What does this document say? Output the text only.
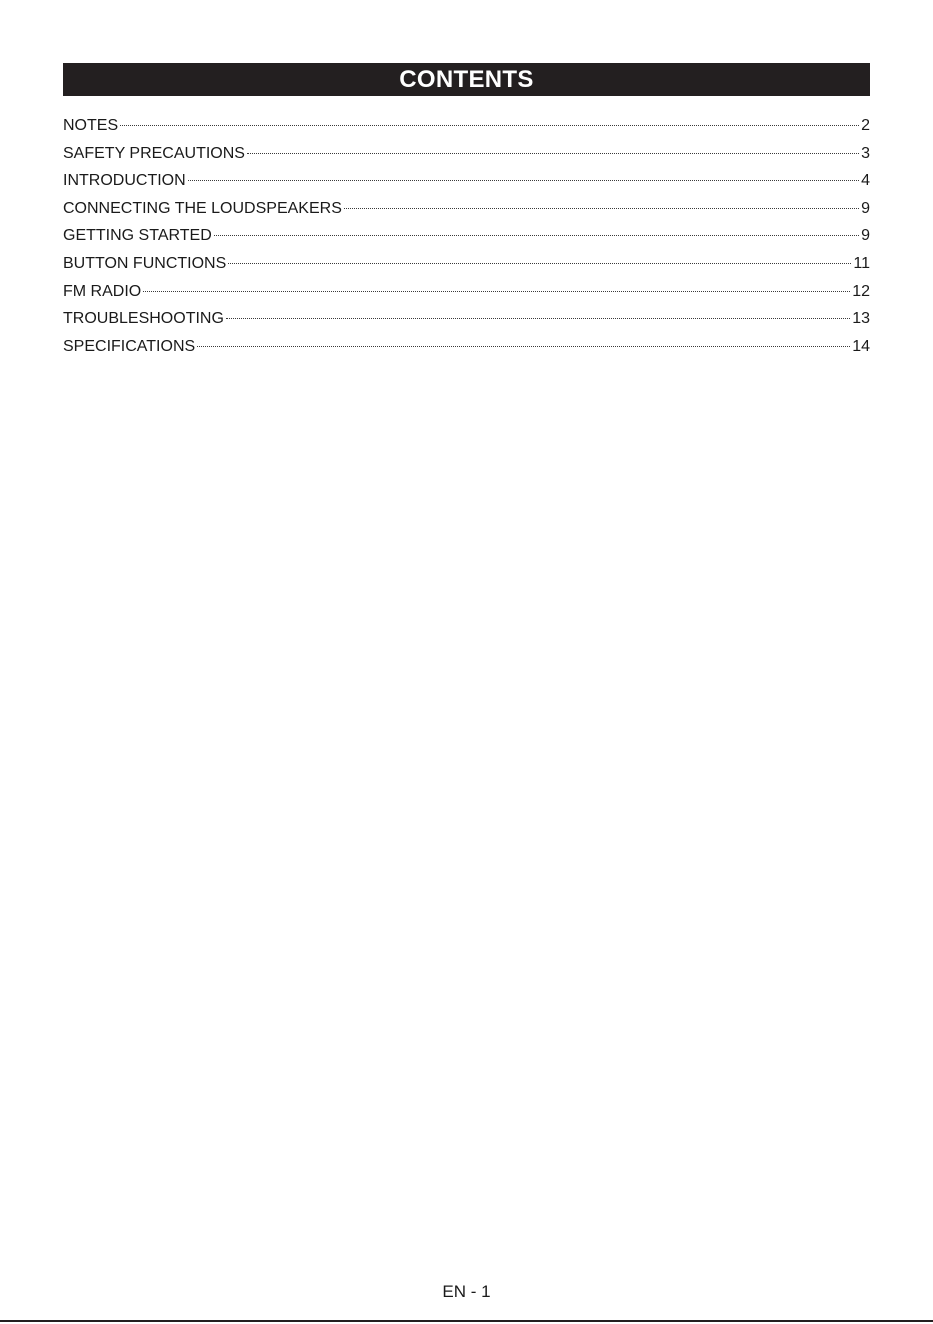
CONTENTS
NOTES	2
SAFETY PRECAUTIONS	3
INTRODUCTION	4
CONNECTING THE LOUDSPEAKERS	9
GETTING STARTED	9
BUTTON FUNCTIONS	11
FM RADIO	12
TROUBLESHOOTING	13
SPECIFICATIONS	14
EN - 1
